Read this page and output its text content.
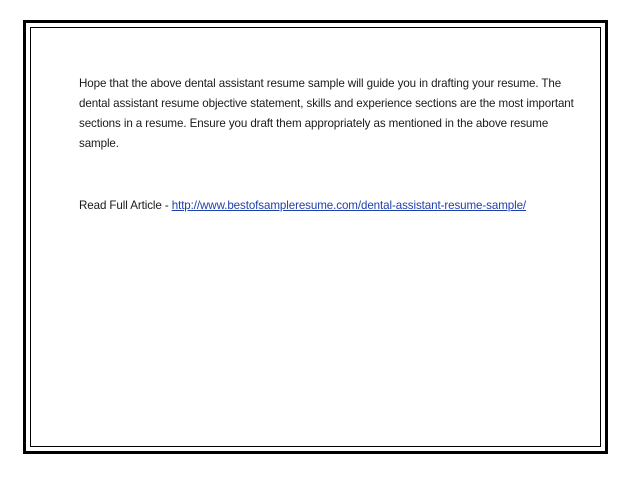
Hope that the above dental assistant resume sample will guide you in drafting your resume. The dental assistant resume objective statement, skills and experience sections are the most important sections in a resume. Ensure you draft them appropriately as mentioned in the above resume sample.

Read Full Article - http://www.bestofsampleresume.com/dental-assistant-resume-sample/
